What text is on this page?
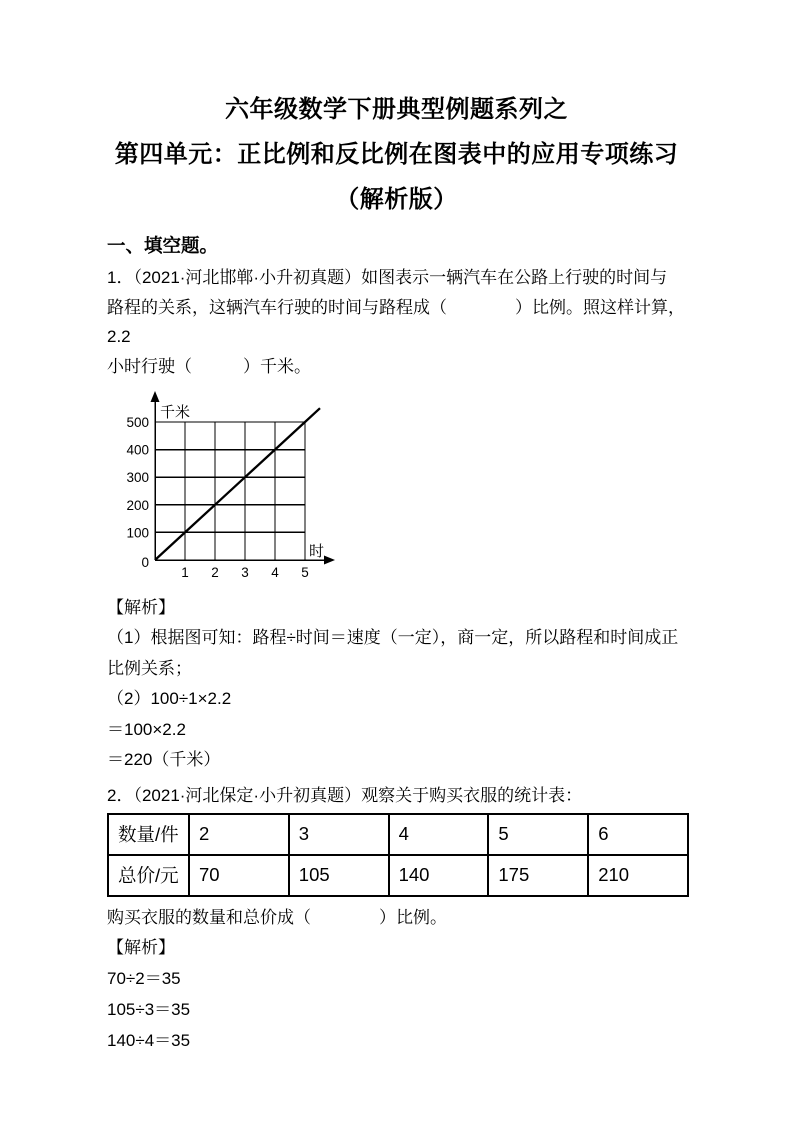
六年级数学下册典型例题系列之
第四单元：正比例和反比例在图表中的应用专项练习
（解析版）
一、填空题。
1．（2021·河北邯郸·小升初真题）如图表示一辆汽车在公路上行驶的时间与
路程的关系，这辆汽车行驶的时间与路程成（　　　　）比例。照这样计算，2.2
小时行驶（　　　）千米。
0
100
200
300
400
500
1 2 3 4 5
千米
时
【解析】
（1）根据图可知：路程÷时间＝速度（一定），商一定，所以路程和时间成正
比例关系；
（2）100÷1×2.2
＝100×2.2
＝220（千米）
2．（2021·河北保定·小升初真题）观察关于购买衣服的统计表：
数量/件	2	3	4	5	6
总价/元	70	105	140	175	210
购买衣服的数量和总价成（　　　　）比例。
【解析】
70÷2＝35
105÷3＝35
140÷4＝35
